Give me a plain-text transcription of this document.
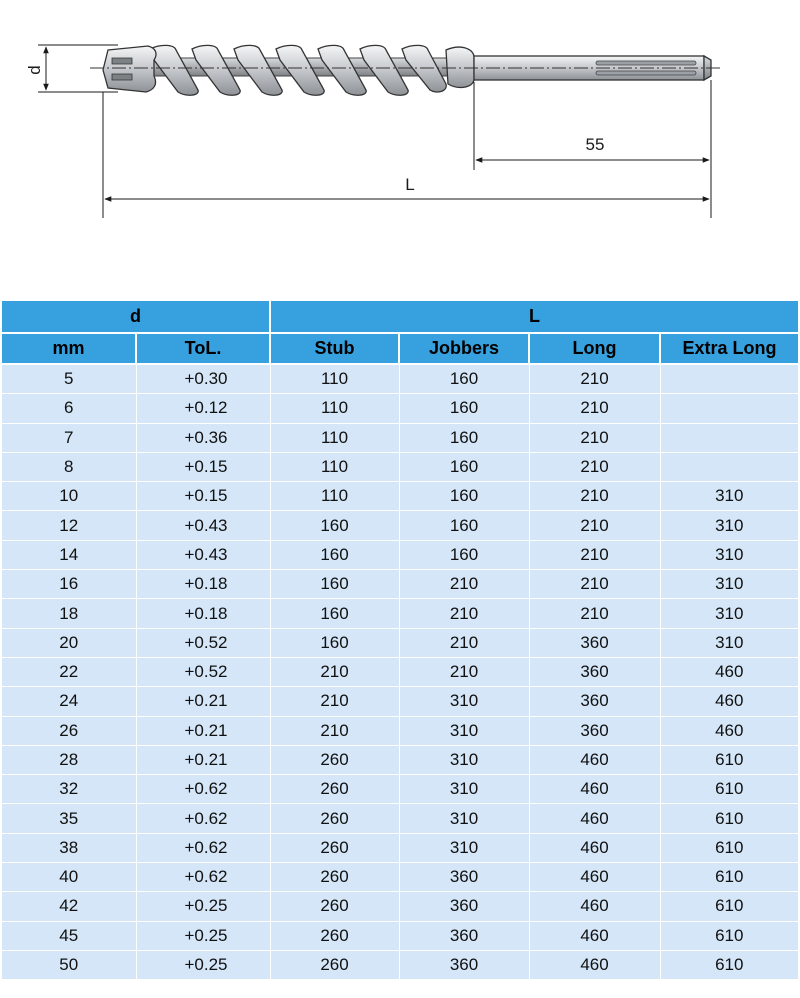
d
55
L
d		L			
mm	ToL.	Stub	Jobbers	Long	Extra Long
5	+0.30	110	160	210	
6	+0.12	110	160	210	
7	+0.36	110	160	210	
8	+0.15	110	160	210	
10	+0.15	110	160	210	310
12	+0.43	160	160	210	310
14	+0.43	160	160	210	310
16	+0.18	160	210	210	310
18	+0.18	160	210	210	310
20	+0.52	160	210	360	310
22	+0.52	210	210	360	460
24	+0.21	210	310	360	460
26	+0.21	210	310	360	460
28	+0.21	260	310	460	610
32	+0.62	260	310	460	610
35	+0.62	260	310	460	610
38	+0.62	260	310	460	610
40	+0.62	260	360	460	610
42	+0.25	260	360	460	610
45	+0.25	260	360	460	610
50	+0.25	260	360	460	610
